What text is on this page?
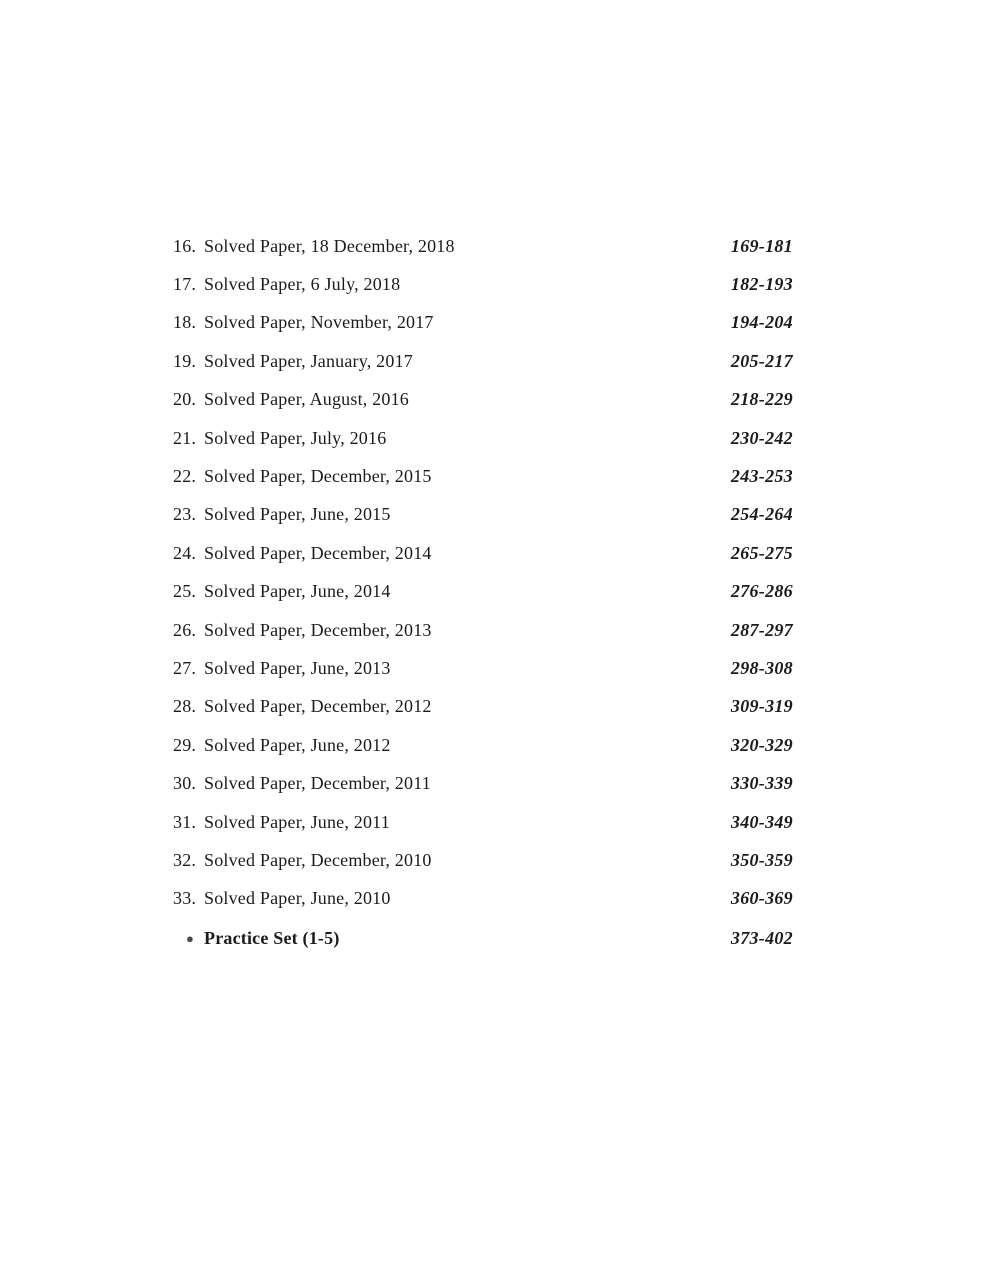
16. Solved Paper, 18 December, 2018	169-181
17. Solved Paper, 6 July, 2018	182-193
18. Solved Paper, November, 2017	194-204
19. Solved Paper, January, 2017	205-217
20. Solved Paper, August, 2016	218-229
21. Solved Paper, July, 2016	230-242
22. Solved Paper, December, 2015	243-253
23. Solved Paper, June, 2015	254-264
24. Solved Paper, December, 2014	265-275
25. Solved Paper, June, 2014	276-286
26. Solved Paper, December, 2013	287-297
27. Solved Paper, June, 2013	298-308
28. Solved Paper, December, 2012	309-319
29. Solved Paper, June, 2012	320-329
30. Solved Paper, December, 2011	330-339
31. Solved Paper, June, 2011	340-349
32. Solved Paper, December, 2010	350-359
33. Solved Paper, June, 2010	360-369
● Practice Set (1-5)	373-402
